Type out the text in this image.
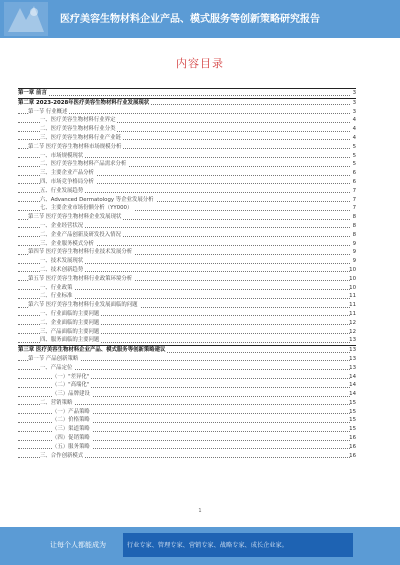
医疗美容生物材料企业产品、模式服务等创新策略研究报告
内容目录
第一章 前言	3
第二章 2023-2028年医疗美容生物材料行业发展现状	3
第一节 行业概述	3
一、医疗美容生物材料行业界定	4
二、医疗美容生物材料行业分类	4
三、医疗美容生物材料行业产业链	4
第二节 医疗美容生物材料市场规模分析	5
一、市场规模现状	5
二、医疗美容生物材料产品需求分析	5
三、主要企业产品分析	6
四、市场竞争格局分析	6
五、行业发展趋势	7
六、Advanced Dermatology 等企业发展分析	7
七、主要企业市场份额分析（YY000）	7
第三节 医疗美容生物材料企业发展现状	8
一、企业经营状况	8
二、企业产品创新及研发投入情况	8
三、企业服务模式分析	9
第四节 医疗美容生物材料行业技术发展分析	9
一、技术发展现状	9
二、技术创新趋势	10
第五节 医疗美容生物材料行业政策环境分析	10
一、行业政策	10
二、行业标准	11
第六节 医疗美容生物材料行业发展面临的问题	11
一、行业面临的主要问题	11
二、企业面临的主要问题	12
三、产品面临的主要问题	12
四、服务面临的主要问题	13
第三章 医疗美容生物材料企业产品、模式服务等创新策略建议	13
第一节 产品创新策略	13
一、产品定位	13
（一）"差异化"	14
（二）"高端化"	14
（三）品牌建设	14
二、营销策略	15
（一）产品策略	15
（二）价格策略	15
（三）渠道策略	15
（四）促销策略	16
（五）服务策略	16
三、合作创新模式	16
1
让每个人都能成为	行业专家、管理专家、营销专家、战略专家、成长企业家。
